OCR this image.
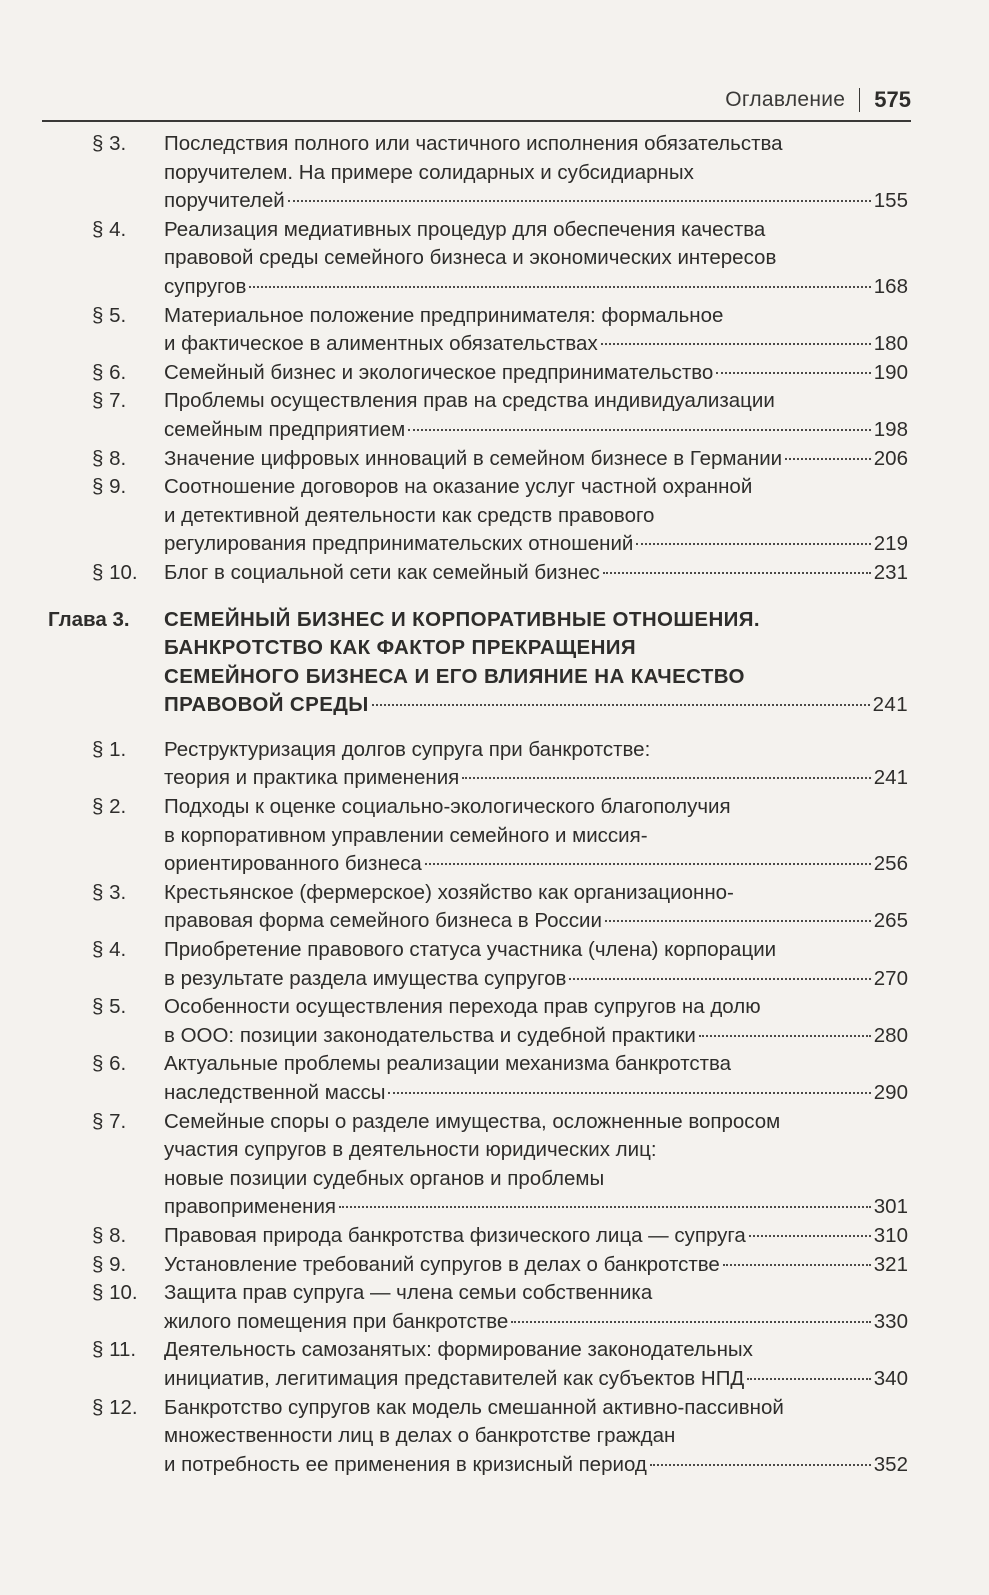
Оглавление	575
§ 3.	Последствия полного или частичного исполнения обязательства
поручителем. На примере солидарных и субсидиарных
поручителей	155
§ 4.	Реализация медиативных процедур для обеспечения качества
правовой среды семейного бизнеса и экономических интересов
супругов	168
§ 5.	Материальное положение предпринимателя: формальное
и фактическое в алиментных обязательствах	180
§ 6.	Семейный бизнес и экологическое предпринимательство	190
§ 7.	Проблемы осуществления прав на средства индивидуализации
семейным предприятием	198
§ 8.	Значение цифровых инноваций в семейном бизнесе в Германии	206
§ 9.	Соотношение договоров на оказание услуг частной охранной
и детективной деятельности как средств правового
регулирования предпринимательских отношений	219
§ 10.	Блог в социальной сети как семейный бизнес	231
Глава 3.	СЕМЕЙНЫЙ БИЗНЕС И КОРПОРАТИВНЫЕ ОТНОШЕНИЯ.
БАНКРОТСТВО КАК ФАКТОР ПРЕКРАЩЕНИЯ
СЕМЕЙНОГО БИЗНЕСА И ЕГО ВЛИЯНИЕ НА КАЧЕСТВО
ПРАВОВОЙ СРЕДЫ	241
§ 1.	Реструктуризация долгов супруга при банкротстве:
теория и практика применения	241
§ 2.	Подходы к оценке социально-экологического благополучия
в корпоративном управлении семейного и миссия-
ориентированного бизнеса	256
§ 3.	Крестьянское (фермерское) хозяйство как организационно-
правовая форма семейного бизнеса в России	265
§ 4.	Приобретение правового статуса участника (члена) корпорации
в результате раздела имущества супругов	270
§ 5.	Особенности осуществления перехода прав супругов на долю
в ООО: позиции законодательства и судебной практики	280
§ 6.	Актуальные проблемы реализации механизма банкротства
наследственной массы	290
§ 7.	Семейные споры о разделе имущества, осложненные вопросом
участия супругов в деятельности юридических лиц:
новые позиции судебных органов и проблемы
правоприменения	301
§ 8.	Правовая природа банкротства физического лица — супруга	310
§ 9.	Установление требований супругов в делах о банкротстве	321
§ 10.	Защита прав супруга — члена семьи собственника
жилого помещения при банкротстве	330
§ 11.	Деятельность самозанятых: формирование законодательных
инициатив, легитимация представителей как субъектов НПД	340
§ 12.	Банкротство супругов как модель смешанной активно-пассивной
множественности лиц в делах о банкротстве граждан
и потребность ее применения в кризисный период	352
